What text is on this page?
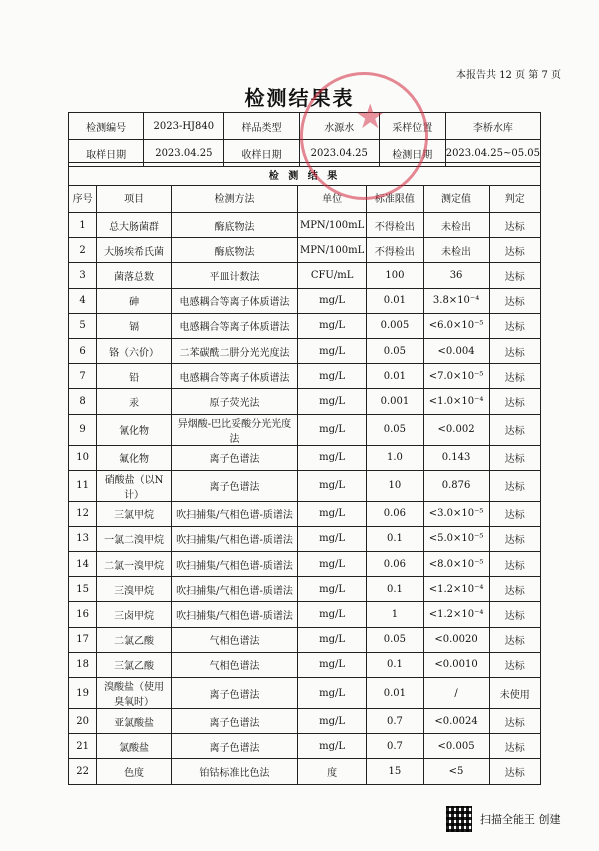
本报告共 12 页 第 7 页
检测结果表
检测编号	2023-HJ840	样品类型	水源水	采样位置	李桥水库
取样日期	2023.04.25	收样日期	2023.04.25	检测日期	2023.04.25~05.05
检 测 结 果						
序号	项目	检测方法	单位	标准限值	测定值	判定
1	总大肠菌群	酶底物法	MPN/100mL	不得检出	未检出	达标
2	大肠埃希氏菌	酶底物法	MPN/100mL	不得检出	未检出	达标
3	菌落总数	平皿计数法	CFU/mL	100	36	达标
4	砷	电感耦合等离子体质谱法	mg/L	0.01	3.8×10⁻⁴	达标
5	镉	电感耦合等离子体质谱法	mg/L	0.005	<6.0×10⁻⁵	达标
6	铬（六价）	二苯碳酰二肼分光光度法	mg/L	0.05	<0.004	达标
7	铅	电感耦合等离子体质谱法	mg/L	0.01	<7.0×10⁻⁵	达标
8	汞	原子荧光法	mg/L	0.001	<1.0×10⁻⁴	达标
9	氰化物	异烟酸-巴比妥酸分光光度法	mg/L	0.05	<0.002	达标
10	氟化物	离子色谱法	mg/L	1.0	0.143	达标
11	硝酸盐（以N计）	离子色谱法	mg/L	10	0.876	达标
12	三氯甲烷	吹扫捕集/气相色谱-质谱法	mg/L	0.06	<3.0×10⁻⁵	达标
13	一氯二溴甲烷	吹扫捕集/气相色谱-质谱法	mg/L	0.1	<5.0×10⁻⁵	达标
14	二氯一溴甲烷	吹扫捕集/气相色谱-质谱法	mg/L	0.06	<8.0×10⁻⁵	达标
15	三溴甲烷	吹扫捕集/气相色谱-质谱法	mg/L	0.1	<1.2×10⁻⁴	达标
16	三卤甲烷	吹扫捕集/气相色谱-质谱法	mg/L	1	<1.2×10⁻⁴	达标
17	二氯乙酸	气相色谱法	mg/L	0.05	<0.0020	达标
18	三氯乙酸	气相色谱法	mg/L	0.1	<0.0010	达标
19	溴酸盐（使用臭氧时）	离子色谱法	mg/L	0.01	/	未使用
20	亚氯酸盐	离子色谱法	mg/L	0.7	<0.0024	达标
21	氯酸盐	离子色谱法	mg/L	0.7	<0.005	达标
22	色度	铂钴标准比色法	度	15	<5	达标
★
扫描全能王 创建
